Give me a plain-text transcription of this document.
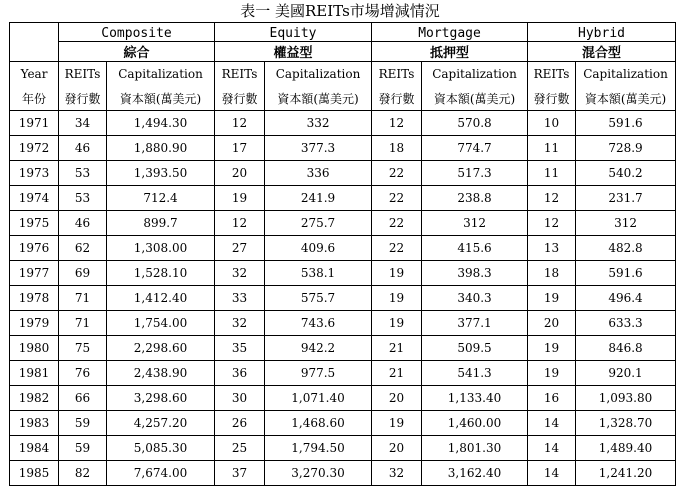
表一 美國REITs市場增減情況
	Composite		Equity		Mortgage		Hybrid	
	綜合		權益型		抵押型		混合型	
Year	REITs	Capitalization	REITs	Capitalization	REITs	Capitalization	REITs	Capitalization
年份	發行數	資本額(萬美元)	發行數	資本額(萬美元)	發行數	資本額(萬美元)	發行數	資本額(萬美元)
1971	34	1,494.30	12	332	12	570.8	10	591.6
1972	46	1,880.90	17	377.3	18	774.7	11	728.9
1973	53	1,393.50	20	336	22	517.3	11	540.2
1974	53	712.4	19	241.9	22	238.8	12	231.7
1975	46	899.7	12	275.7	22	312	12	312
1976	62	1,308.00	27	409.6	22	415.6	13	482.8
1977	69	1,528.10	32	538.1	19	398.3	18	591.6
1978	71	1,412.40	33	575.7	19	340.3	19	496.4
1979	71	1,754.00	32	743.6	19	377.1	20	633.3
1980	75	2,298.60	35	942.2	21	509.5	19	846.8
1981	76	2,438.90	36	977.5	21	541.3	19	920.1
1982	66	3,298.60	30	1,071.40	20	1,133.40	16	1,093.80
1983	59	4,257.20	26	1,468.60	19	1,460.00	14	1,328.70
1984	59	5,085.30	25	1,794.50	20	1,801.30	14	1,489.40
1985	82	7,674.00	37	3,270.30	32	3,162.40	14	1,241.20
